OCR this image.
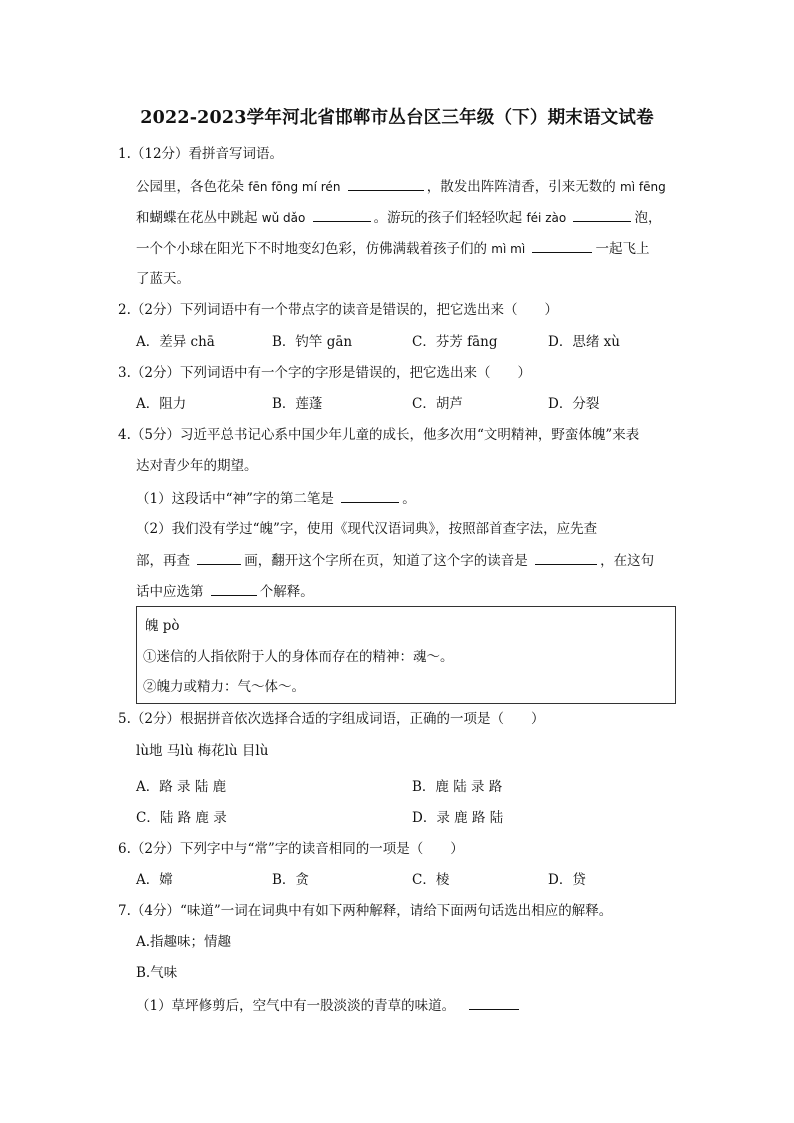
2022-2023学年河北省邯郸市丛台区三年级（下）期末语文试卷
1.（12分）看拼音写词语。
公园里，各色花朵 fēn fōng mí rén	，散发出阵阵清香，引来无数的 mì fēng
和蝴蝶在花丛中跳起 wǔ dǎo	。游玩的孩子们轻轻吹起 féi zào	泡，
一个个小球在阳光下不时地变幻色彩，仿佛满载着孩子们的 mì mì	一起飞上
了蓝天。
2.（2分）下列词语中有一个带点字的读音是错误的，把它选出来（　　）
A．差异 chā	B．钓竿 gān	C．芬芳 fāng	D．思绪 xù
3.（2分）下列词语中有一个字的字形是错误的，把它选出来（　　）
A．阻力	B．莲蓬	C．胡芦	D．分裂
4.（5分）习近平总书记心系中国少年儿童的成长，他多次用“文明精神，野蛮体魄”来表
达对青少年的期望。
（1）这段话中“神”字的第二笔是	。
（2）我们没有学过“魄”字，使用《现代汉语词典》，按照部首查字法，应先查
部，再查	画，翻开这个字所在页，知道了这个字的读音是	，在这句
话中应选第	个解释。
魄 pò
①迷信的人指依附于人的身体而存在的精神：魂～。
②魄力或精力：气～体～。
5.（2分）根据拼音依次选择合适的字组成词语，正确的一项是（　　）
lù地 马lù 梅花lù 目lù
A．路 录 陆 鹿	B．鹿 陆 录 路
C．陆 路 鹿 录	D．录 鹿 路 陆
6.（2分）下列字中与“常”字的读音相同的一项是（　　）
A．嫦	B．贪	C．棱	D．贷
7.（4分）“味道”一词在词典中有如下两种解释，请给下面两句话选出相应的解释。
A.指趣味；情趣
B.气味
（1）草坪修剪后，空气中有一股淡淡的青草的味道。
